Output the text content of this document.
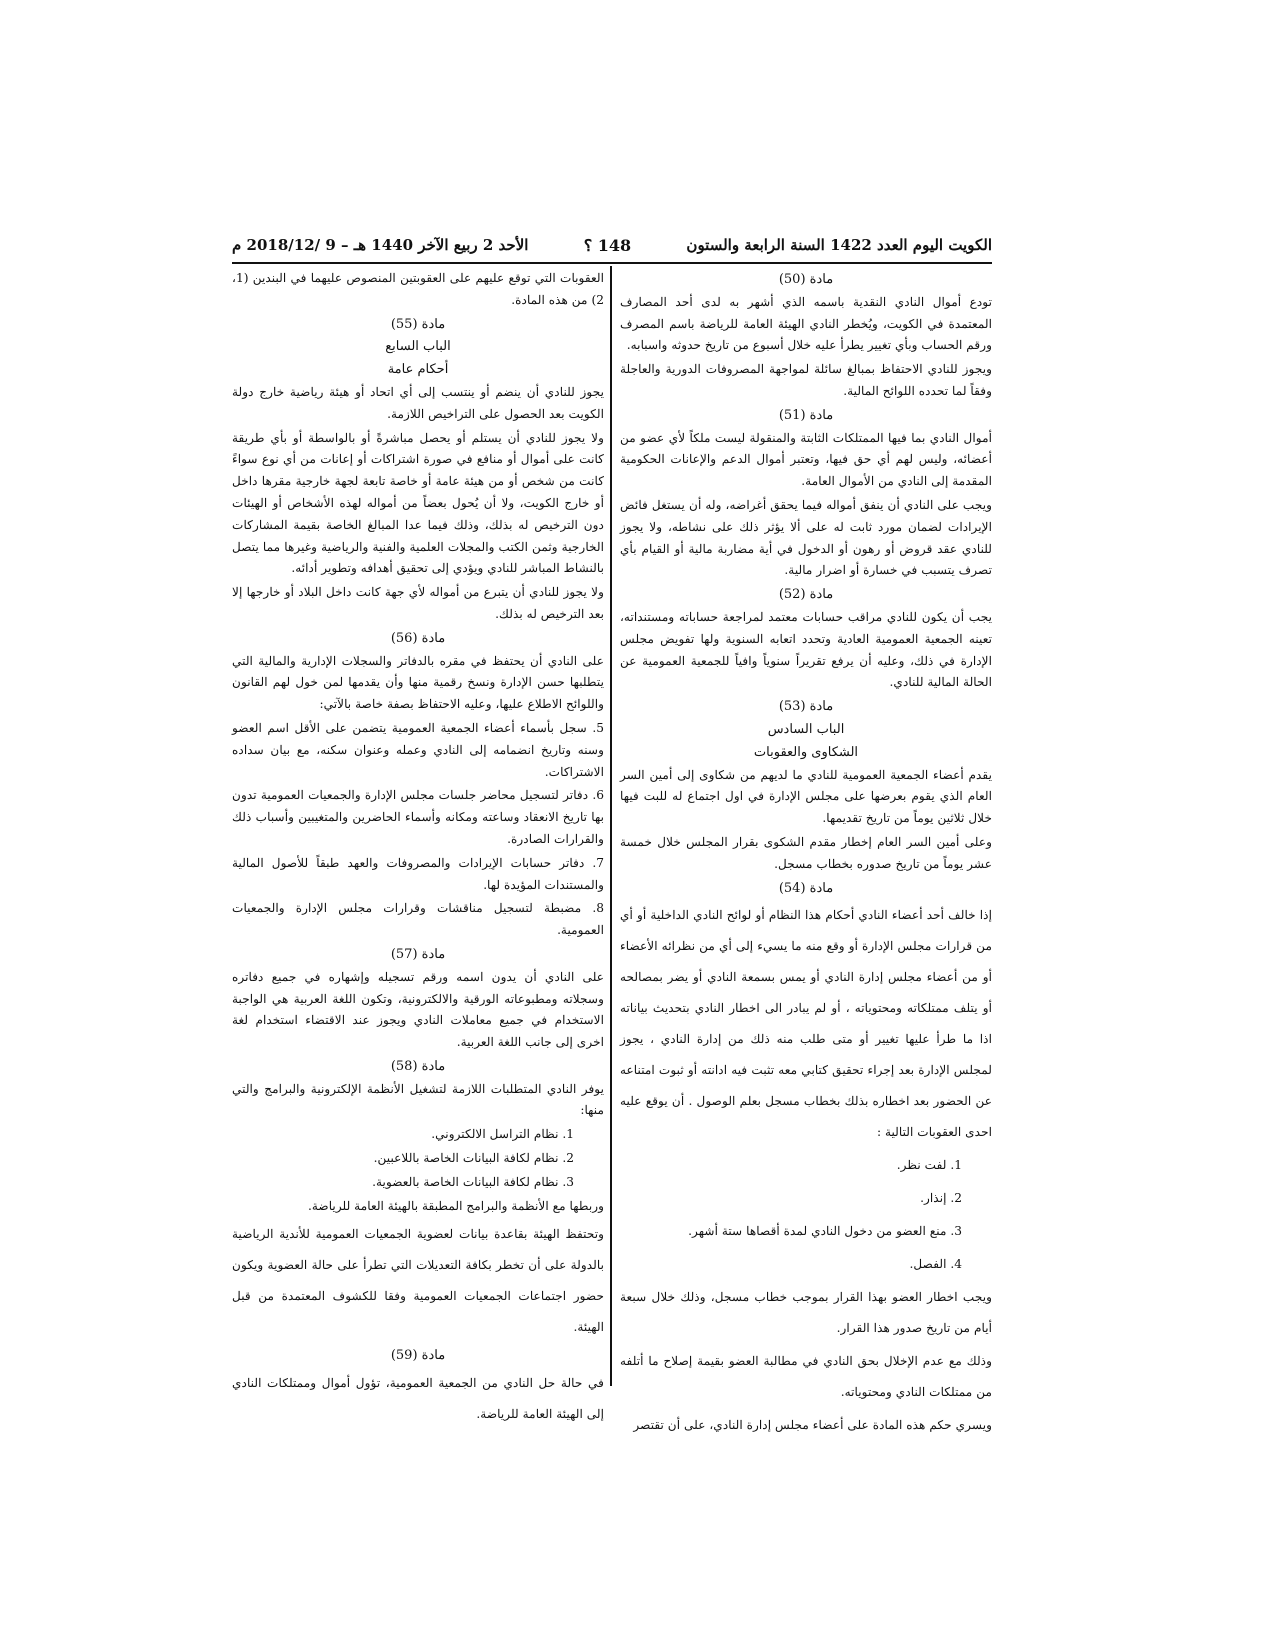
الكويت اليوم العدد 1422 السنة الرابعة والستون
148 ؟
الأحد 2 ربيع الآخر 1440 هـ – 9 /2018/12 م

مادة (50)

تودع أموال النادي النقدية باسمه الذي أشهر به لدى أحد المصارف المعتمدة في الكويت، ويُخطر النادي الهيئة العامة للرياضة باسم المصرف ورقم الحساب وبأي تغيير يطرأ عليه خلال أسبوع من تاريخ حدوثه واسبابه.

ويجوز للنادي الاحتفاظ بمبالغ سائلة لمواجهة المصروفات الدورية والعاجلة وفقاً لما تحدده اللوائح المالية.

مادة (51)

أموال النادي بما فيها الممتلكات الثابتة والمنقولة ليست ملكاً لأي عضو من أعضائه، وليس لهم أي حق فيها، وتعتبر أموال الدعم والإعانات الحكومية المقدمة إلى النادي من الأموال العامة.

ويجب على النادي أن ينفق أمواله فيما يحقق أغراضه، وله أن يستغل فائض الإيرادات لضمان مورد ثابت له على ألا يؤثر ذلك على نشاطه، ولا يجوز للنادي عقد قروض أو رهون أو الدخول في أية مضاربة مالية أو القيام بأي تصرف يتسبب في خسارة أو اضرار مالية.

مادة (52)

يجب أن يكون للنادي مراقب حسابات معتمد لمراجعة حساباته ومستنداته، تعينه الجمعية العمومية العادية وتحدد اتعابه السنوية ولها تفويض مجلس الإدارة في ذلك، وعليه أن يرفع تقريراً سنوياً وافياً للجمعية العمومية عن الحالة المالية للنادي.

مادة (53)

الباب السادس

الشكاوى والعقوبات

يقدم أعضاء الجمعية العمومية للنادي ما لديهم من شكاوى إلى أمين السر العام الذي يقوم بعرضها على مجلس الإدارة في اول اجتماع له للبت فيها خلال ثلاثين يوماً من تاريخ تقديمها.

وعلى أمين السر العام إخطار مقدم الشكوى بقرار المجلس خلال خمسة عشر يوماً من تاريخ صدوره بخطاب مسجل.

مادة (54)

إذا خالف أحد أعضاء النادي أحكام هذا النظام أو لوائح النادي الداخلية أو أي من قرارات مجلس الإدارة أو وقع منه ما يسيء إلى أي من نظرائه الأعضاء أو من أعضاء مجلس إدارة النادي أو يمس بسمعة النادي أو يضر بمصالحه أو يتلف ممتلكاته ومحتوياته ، أو لم يبادر الى اخطار النادي بتحديث بياناته اذا ما طرأ عليها تغيير أو متى طلب منه ذلك من إدارة النادي ، يجوز لمجلس الإدارة بعد إجراء تحقيق كتابي معه تثبت فيه ادانته أو ثبوت امتناعه عن الحضور بعد اخطاره بذلك بخطاب مسجل بعلم الوصول . أن يوقع عليه احدى العقوبات التالية :

1. لفت نظر.

2. إنذار.

3. منع العضو من دخول النادي لمدة أقصاها ستة أشهر.

4. الفصل.

ويجب اخطار العضو بهذا القرار بموجب خطاب مسجل، وذلك خلال سبعة أيام من تاريخ صدور هذا القرار.

وذلك مع عدم الإخلال بحق النادي في مطالبة العضو بقيمة إصلاح ما أتلفه من ممتلكات النادي ومحتوياته.

ويسري حكم هذه المادة على أعضاء مجلس إدارة النادي، على أن تقتصر

العقوبات التي توقع عليهم على العقوبتين المنصوص عليهما في البندين (1، 2) من هذه المادة.

مادة (55)

الباب السابع

أحكام عامة

يجوز للنادي أن ينضم أو ينتسب إلى أي اتحاد أو هيئة رياضية خارج دولة الكويت بعد الحصول على التراخيص اللازمة.

ولا يجوز للنادي أن يستلم أو يحصل مباشرةً أو بالواسطة أو بأي طريقة كانت على أموال أو منافع في صورة اشتراكات أو إعانات من أي نوع سواءً كانت من شخص أو من هيئة عامة أو خاصة تابعة لجهة خارجية مقرها داخل أو خارج الكويت، ولا أن يُحول بعضاً من أمواله لهذه الأشخاص أو الهيئات دون الترخيص له بذلك، وذلك فيما عدا المبالغ الخاصة بقيمة المشاركات الخارجية وثمن الكتب والمجلات العلمية والفنية والرياضية وغيرها مما يتصل بالنشاط المباشر للنادي ويؤدي إلى تحقيق أهدافه وتطوير أدائه.

ولا يجوز للنادي أن يتبرع من أمواله لأي جهة كانت داخل البلاد أو خارجها إلا بعد الترخيص له بذلك.

مادة (56)

على النادي أن يحتفظ في مقره بالدفاتر والسجلات الإدارية والمالية التي يتطلبها حسن الإدارة ونسخ رقمية منها وأن يقدمها لمن خول لهم القانون واللوائح الاطلاع عليها، وعليه الاحتفاظ بصفة خاصة بالآتي:

5. سجل بأسماء أعضاء الجمعية العمومية يتضمن على الأقل اسم العضو وسنه وتاريخ انضمامه إلى النادي وعمله وعنوان سكنه، مع بيان سداده الاشتراكات.

6. دفاتر لتسجيل محاضر جلسات مجلس الإدارة والجمعيات العمومية تدون بها تاريخ الانعقاد وساعته ومكانه وأسماء الحاضرين والمتغيبين وأسباب ذلك والقرارات الصادرة.

7. دفاتر حسابات الإيرادات والمصروفات والعهد طبقاً للأصول المالية والمستندات المؤيدة لها.

8. مضبطة لتسجيل مناقشات وقرارات مجلس الإدارة والجمعيات العمومية.

مادة (57)

على النادي أن يدون اسمه ورقم تسجيله وإشهاره في جميع دفاتره وسجلاته ومطبوعاته الورقية والالكترونية، وتكون اللغة العربية هي الواجبة الاستخدام في جميع معاملات النادي ويجوز عند الاقتضاء استخدام لغة اخرى إلى جانب اللغة العربية.

مادة (58)

يوفر النادي المتطلبات اللازمة لتشغيل الأنظمة الإلكترونية والبرامج والتي منها:

1. نظام التراسل الالكتروني.

2. نظام لكافة البيانات الخاصة باللاعبين.

3. نظام لكافة البيانات الخاصة بالعضوية.

وربطها مع الأنظمة والبرامج المطبقة بالهيئة العامة للرياضة.

وتحتفظ الهيئة بقاعدة بيانات لعضوية الجمعيات العمومية للأندية الرياضية بالدولة على أن تخطر بكافة التعديلات التي تطرأ على حالة العضوية ويكون حضور اجتماعات الجمعيات العمومية وفقا للكشوف المعتمدة من قبل الهيئة.

مادة (59)

في حالة حل النادي من الجمعية العمومية، تؤول أموال وممتلكات النادي إلى الهيئة العامة للرياضة.
